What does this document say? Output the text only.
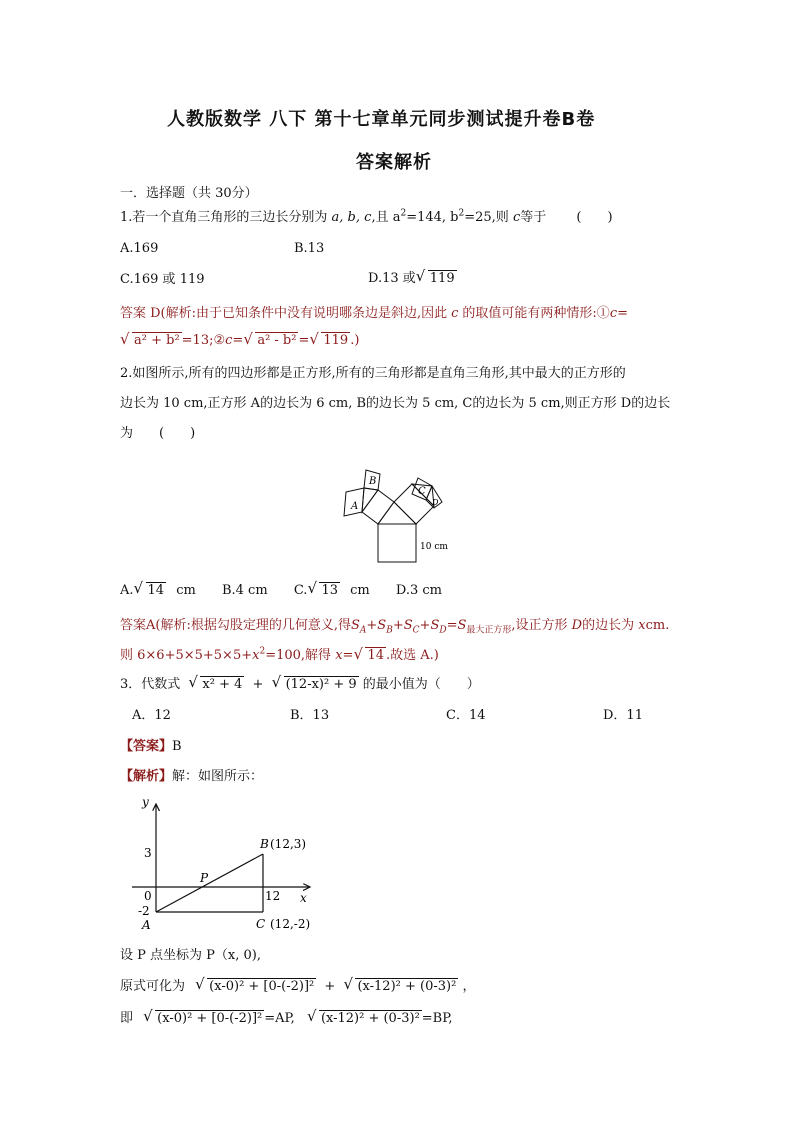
人教版数学 八下 第十七章单元同步测试提升卷B卷
答案解析
一．选择题（共 30分）
1.若一个直角三角形的三边长分别为 a, b, c,且 $a^2=144$, $b^2=25$,则 c等于 (　　)
A.169	B.13
C.169 或 119	D.13 或 √ 119
答案 D(解析:由于已知条件中没有说明哪条边是斜边,因此 c 的取值可能有两种情形:①c=
√ a² + b² =13;②c= √ a² - b² = √ 119 .)
2.如图所示,所有的四边形都是正方形,所有的三角形都是直角三角形,其中最大的正方形的
边长为 10 cm,正方形 A的边长为 6 cm, B的边长为 5 cm, C的边长为 5 cm,则正方形 D的边长
为　　(　　)
A
B
C
D
10 cm
A. √ 14 cm B.4 cm C. √ 13 cm D.3 cm
答案A(解析:根据勾股定理的几何意义,得$S_A+S_B+S_C+S_D=S_{最大正方形}$,设正方形 D的边长为 xcm.
则 $6\times 6+5\times 5+5\times 5+x^2=100$,解得 x= √ 14 .故选 A.)
3．代数式 √ x² + 4 + √ (12-x)² + 9 的最小值为（　　）
A．12	B．13	C．14	D．11
【答案】B
【解析】解：如图所示：
y
x
3
0
-2
A
P
B (12,3)
12
C (12,-2)
设 P 点坐标为 P（x, 0),
原式可化为 √ (x-0)² + [0-(-2)]² + √ (x-12)² + (0-3)² ，
即 √ (x-0)² + [0-(-2)]² =AP, √ (x-12)² + (0-3)² =BP,
